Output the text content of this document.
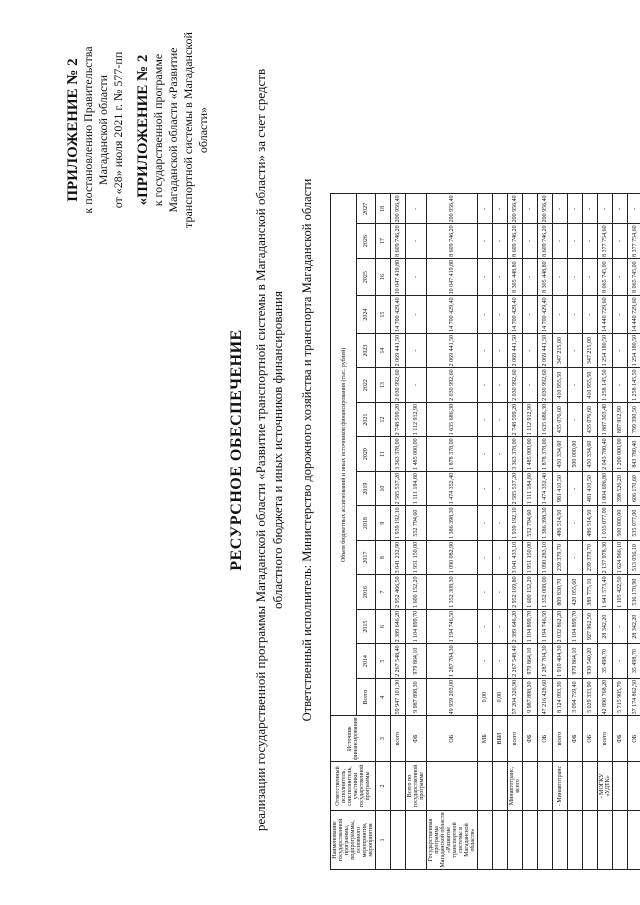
ПРИЛОЖЕНИЕ № 2 к постановлению Правительства Магаданской области от «28» июля 2021 г. № 577-пп «ПРИЛОЖЕНИЕ № 2 к государственной программе Магаданской области «Развитие транспортной системы в Магаданской области»
РЕСУРСНОЕ ОБЕСПЕЧЕНИЕ реализации государственной программы Магаданской области «Развитие транспортной системы в Магаданской области» за счет средств областного бюджета и иных источников финансирования Ответственный исполнитель: Министерство дорожного хозяйства и транспорта Магаданской области
Наименование государственной программы, подпрограммы, основного мероприятия, мероприятия	Ответственный исполнитель, соисполнитель, участники государственной программы	Источник финансирования	Объем бюджетных ассигнований и иных источников финансирования (тыс. рублей)														
			Всего	2014	2015	2016	2017	2018	2019	2020	2021	2022	2023	2024	2025	2026	2027
1	2	3	4	5	6	7	8	9	10	11	12	13	14	15	16	17	18
		всего	59 947 101,30	2 267 548,40	2 389 646,20	2 952 466,50	3 041 232,90	1 939 192,10	2 585 537,20	3 363 378,00	2 748 599,20	2 030 992,60	2 069 441,50	14 700 429,40	10 047 419,80	8 609 746,20	200 956,40
	Всего по государственной программе	ФБ	9 987 898,30	979 864,10	1 104 899,70	1 600 152,20	1 951 150,00	552 794,60	1 111 184,80	1 485 000,00	1 112 912,90	-	-	-	-	-	-
Государственная программа Магаданской области «Развитие транспортной системы в Магаданской области»		ОБ	49 959 203,00	1 287 704,30	1 194 746,50	1 352 308,30	1 090 082,90	1 386 398,30	1 474 352,40	1 878 378,00	1 635 686,30	2 030 992,60	2 069 441,50	14 700 429,40	10 047 419,80	8 609 746,20	200 956,40
		МБ	0,00	-	-	-	-	-	-	-	-	-	-	-	-	-	-
		ВБИ	0,00	-	-	-	-	-	-	-	-	-	-	-	-	-	-
	Минавтотранс, всего	всего	57 204 326,90	2 267 548,40	2 389 646,20	2 952 169,80	3 041 433,10	1 939 192,10	2 585 537,20	3 363 378,00	2 748 599,20	2 030 992,60	2 069 441,50	14 700 429,40	8 305 448,80	8 609 746,20	200 956,40
		ФБ	9 987 898,30	979 864,10	1 104 899,70	1 600 152,20	1 951 150,00	552 794,60	1 111 184,80	1 485 000,00	1 112 912,90	-	-	-	-	-	-
		ОБ	47 216 428,60	1 287 704,30	1 194 746,50	1 352 008,00	1 090 283,10	1 386 398,30	1 474 352,40	1 878 378,00	1 635 686,30	2 030 992,60	2 069 441,50	14 700 429,40	8 305 448,80	8 609 746,20	200 956,40
	- Минавтотранс	всего	8 124 093,30	1 910 404,30	2 032 862,20	809 830,70	239 379,70	486 514,50	981 410,50	450 334,60	435 076,60	410 955,50	347 215,00	-	-	-	-
		ФБ	3 094 759,40	979 864,10	1 104 899,70	420 055,60	-	-	-	500 000,00	-	-	-	-	-	-	-
		ОБ	5 029 333,90	930 540,20	927 962,50	389 775,10	239 379,70	486 514,50	481 410,50	450 334,60	435 076,60	410 955,50	347 215,00	-	-	-	-
	- МОГКУ «УДТК»	всего	42 890 768,20	35 498,70	28 342,20	1 641 573,40	2 137 978,30	1 035 077,00	1 004 696,80	2 043 780,40	1 887 303,40	1 258 145,50	1 254 180,50	14 440 729,60	8 065 745,00	8 377 754,60	-
		ФБ	5 715 905,70	-	-	1 105 422,50	1 624 966,10	500 000,00	398 526,20	1 200 000,00	887 912,90	-	-	-	-	-	-
		ОБ	37 174 862,50	35 498,70	28 342,20	536 170,90	513 056,10	535 077,00	606 170,60	843 780,40	799 390,50	1 258 145,50	1 254 180,50	14 440 729,60	8 065 745,00	8 377 754,60	-
